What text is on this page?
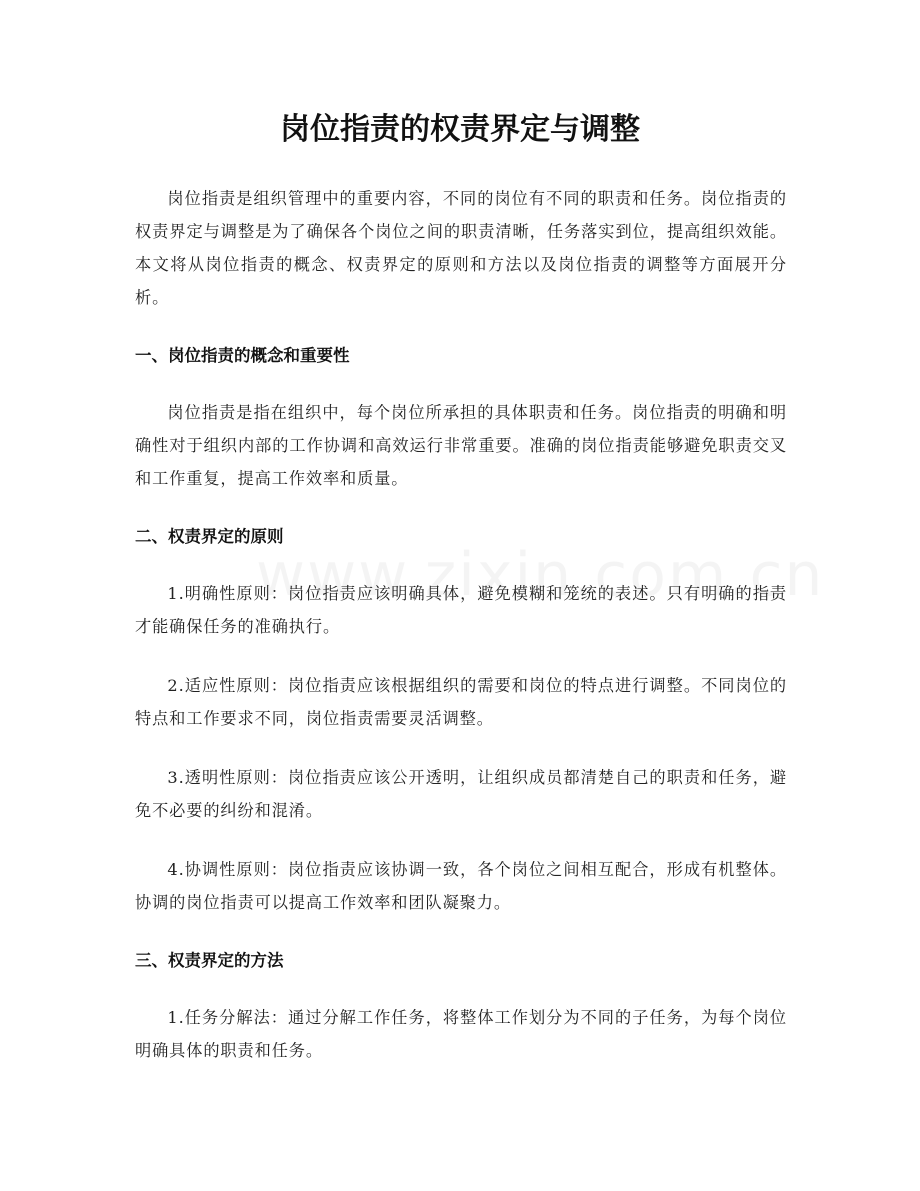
岗位指责的权责界定与调整

岗位指责是组织管理中的重要内容，不同的岗位有不同的职责和任务。岗位指责的权责界定与调整是为了确保各个岗位之间的职责清晰，任务落实到位，提高组织效能。本文将从岗位指责的概念、权责界定的原则和方法以及岗位指责的调整等方面展开分析。

一、岗位指责的概念和重要性

岗位指责是指在组织中，每个岗位所承担的具体职责和任务。岗位指责的明确和明确性对于组织内部的工作协调和高效运行非常重要。准确的岗位指责能够避免职责交叉和工作重复，提高工作效率和质量。

二、权责界定的原则

1.明确性原则：岗位指责应该明确具体，避免模糊和笼统的表述。只有明确的指责才能确保任务的准确执行。

2.适应性原则：岗位指责应该根据组织的需要和岗位的特点进行调整。不同岗位的特点和工作要求不同，岗位指责需要灵活调整。

3.透明性原则：岗位指责应该公开透明，让组织成员都清楚自己的职责和任务，避免不必要的纠纷和混淆。

4.协调性原则：岗位指责应该协调一致，各个岗位之间相互配合，形成有机整体。协调的岗位指责可以提高工作效率和团队凝聚力。

三、权责界定的方法

1.任务分解法：通过分解工作任务，将整体工作划分为不同的子任务，为每个岗位明确具体的职责和任务。
